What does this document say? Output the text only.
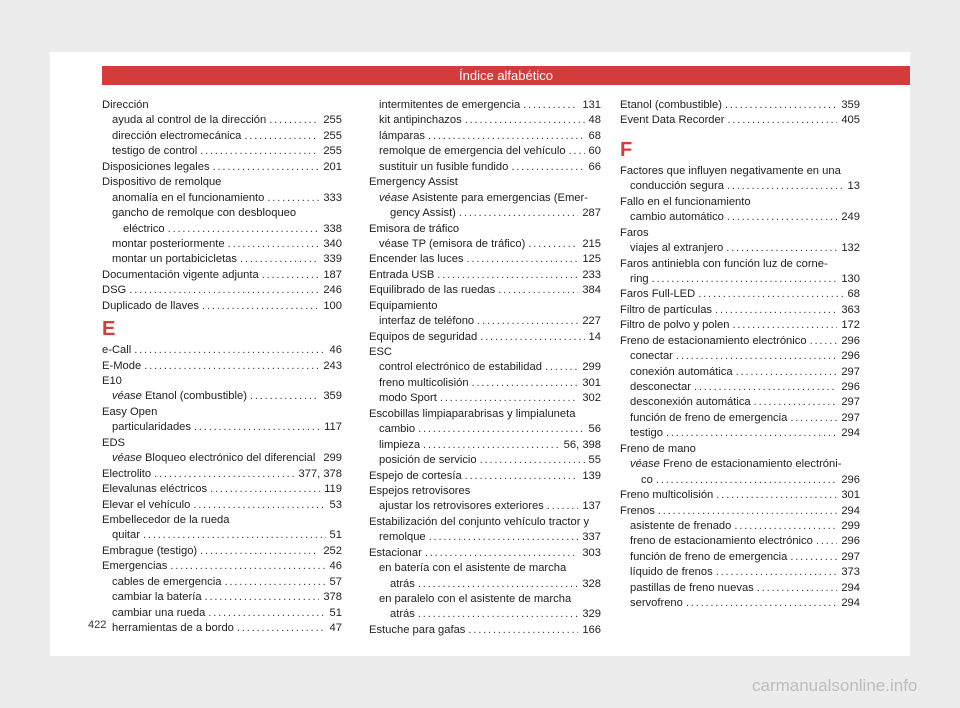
Índice alfabético
Dirección
ayuda al control de la dirección .....	255
dirección electromecánica .....	255
testigo de control .....	255
Disposiciones legales .....	201
Dispositivo de remolque
anomalía en el funcionamiento .....	333
gancho de remolque con desbloqueo
eléctrico .....	338
montar posteriormente .....	340
montar un portabicicletas .....	339
Documentación vigente adjunta .....	187
DSG .....	246
Duplicado de llaves .....	100
E
e-Call .....	46
E-Mode .....	243
E10
véase
Etanol (combustible) .....	359
Easy Open
particularidades .....	117
EDS
véase
Bloqueo electrónico del diferencial ..... 299
Electrolito .....	377, 378
Elevalunas eléctricos .....	119
Elevar el vehículo .....	53
Embellecedor de la rueda
quitar .....	51
Embrague (testigo) .....	252
Emergencias .....	46
cables de emergencia .....	57
cambiar la batería .....	378
cambiar una rueda .....	51
herramientas de a bordo .....	47
intermitentes de emergencia .....	131
kit antipinchazos .....	48
lámparas .....	68
remolque de emergencia del vehículo ..... 60
sustituir un fusible fundido .....	66
Emergency Assist
véase
Asistente para emergencias (Emer-
gency Assist) .....	287
Emisora de tráfico
véase TP (emisora de tráfico) .....	215
Encender las luces .....	125
Entrada USB .....	233
Equilibrado de las ruedas .....	384
Equipamiento
interfaz de teléfono .....	227
Equipos de seguridad .....	14
ESC
control electrónico de estabilidad .....	299
freno multicolisión .....	301
modo Sport .....	302
Escobillas limpiaparabrisas y limpialuneta
cambio .....	56
limpieza .....	56, 398
posición de servicio .....	55
Espejo de cortesía .....	139
Espejos retrovisores
ajustar los retrovisores exteriores .....	137
Estabilización del conjunto vehículo tractor y
remolque .....	337
Estacionar .....	303
en batería con el asistente de marcha
atrás .....	328
en paralelo con el asistente de marcha
atrás .....	329
Estuche para gafas .....	166
Etanol (combustible) .....	359
Event Data Recorder .....	405
F
Factores que influyen negativamente en una
conducción segura .....	13
Fallo en el funcionamiento
cambio automático .....	249
Faros
viajes al extranjero .....	132
Faros antiniebla con función luz de corne-
ring .....	130
Faros Full-LED .....	68
Filtro de partículas .....	363
Filtro de polvo y polen .....	172
Freno de estacionamiento electrónico .....	296
conectar .....	296
conexión automática .....	297
desconectar .....	296
desconexión automática .....	297
función de freno de emergencia .....	297
testigo .....	294
Freno de mano
véase
Freno de estacionamiento electróni-
co .....	296
Freno multicolisión .....	301
Frenos .....	294
asistente de frenado .....	299
freno de estacionamiento electrónico .....	296
función de freno de emergencia .....	297
líquido de frenos .....	373
pastillas de freno nuevas .....	294
servofreno .....	294
422
carmanualsonline.info
